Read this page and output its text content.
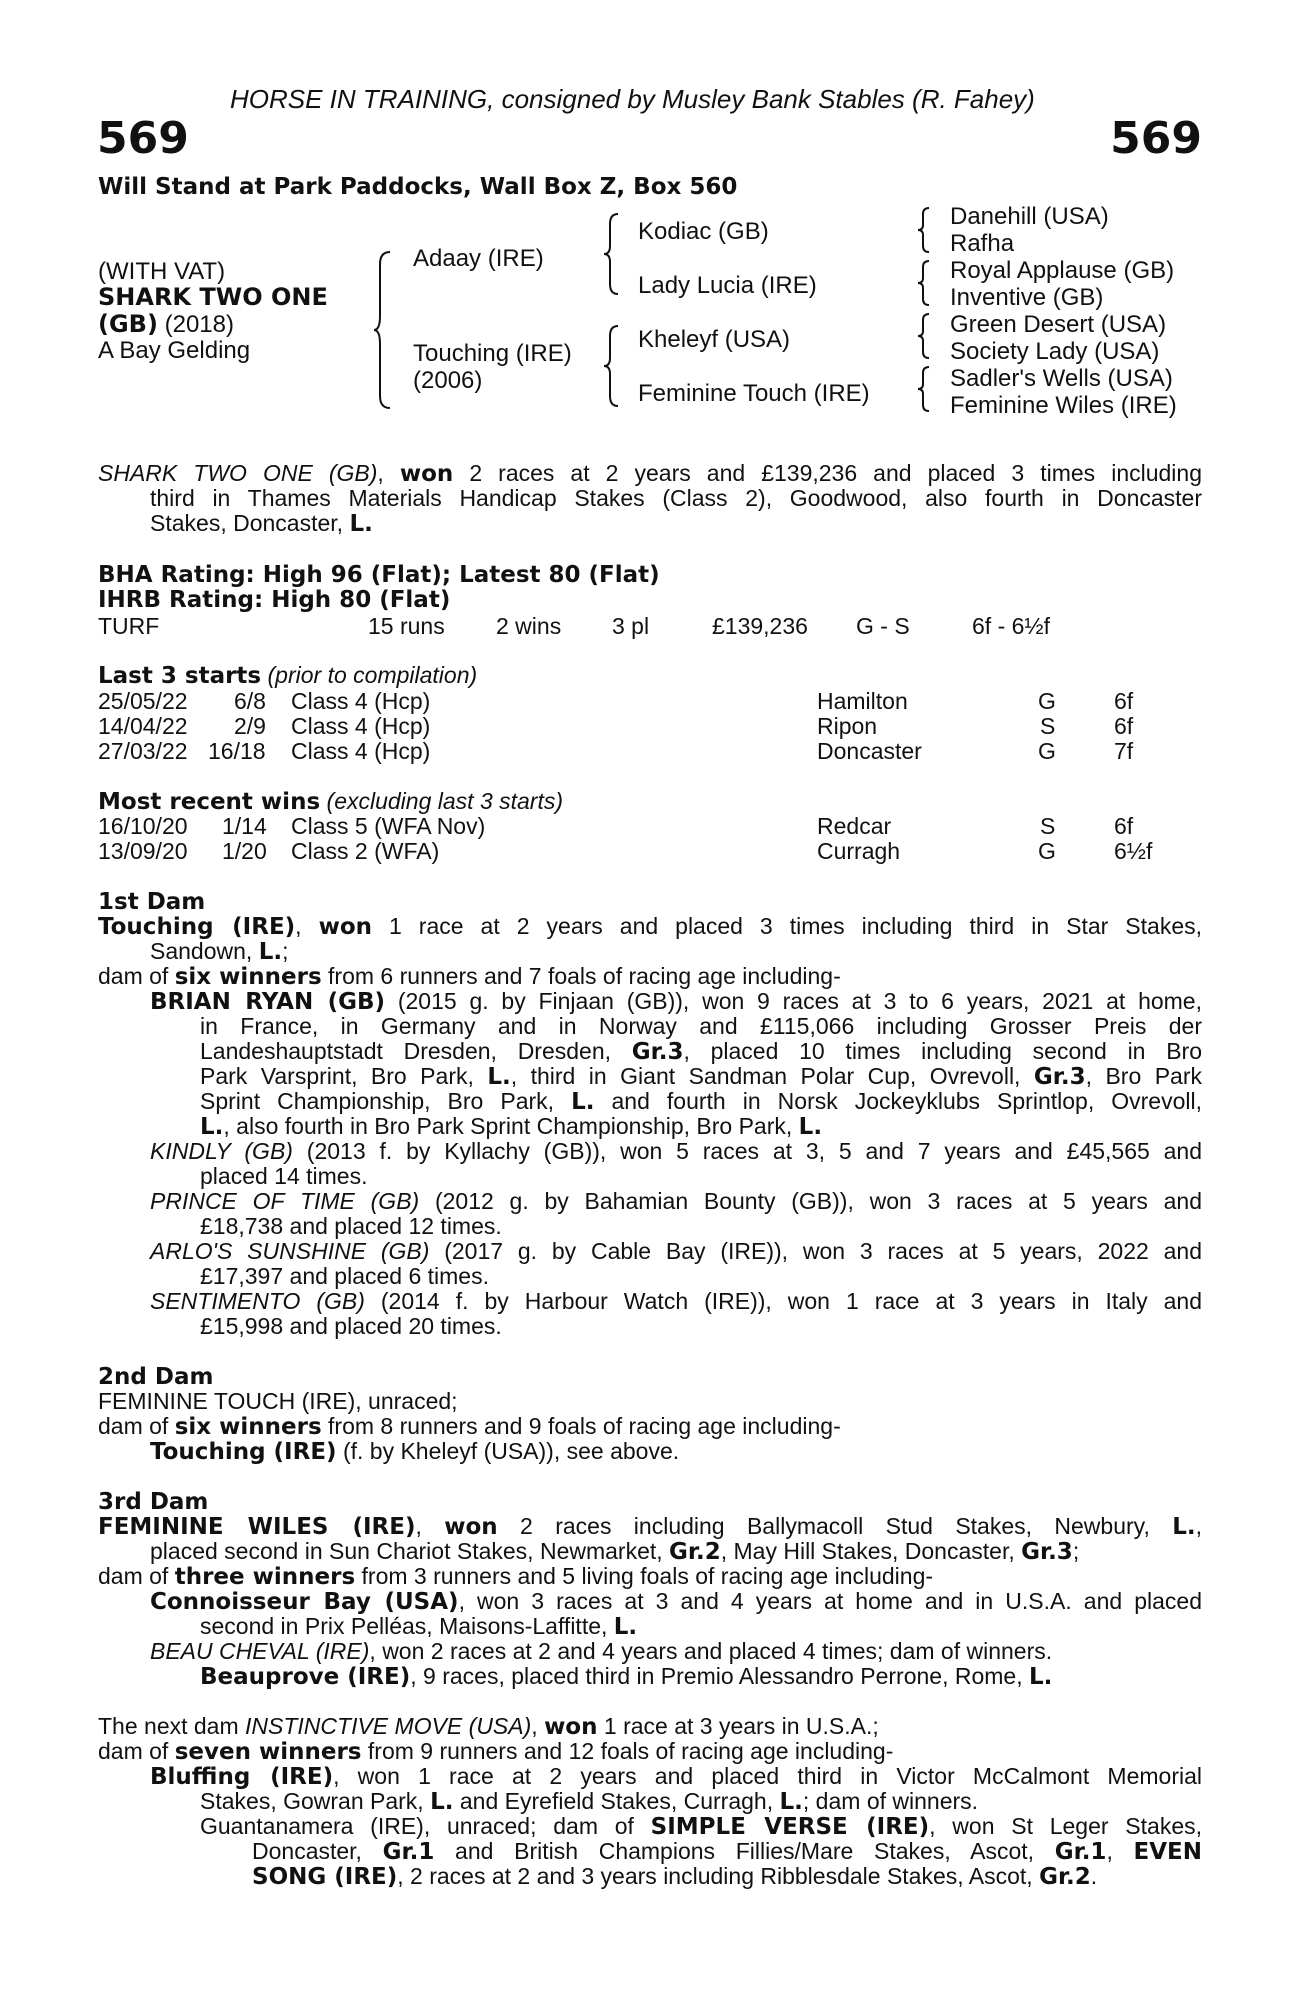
HORSE IN TRAINING, consigned by Musley Bank Stables (R. Fahey)
569	569
Will Stand at Park Paddocks, Wall Box Z, Box 560
(WITH VAT)
SHARK TWO ONE
(GB) (2018)
A Bay Gelding
Adaay (IRE)
Touching (IRE)
(2006)
Kodiac (GB)
Lady Lucia (IRE)
Kheleyf (USA)
Feminine Touch (IRE)
Danehill (USA)
Rafha
Royal Applause (GB)
Inventive (GB)
Green Desert (USA)
Society Lady (USA)
Sadler's Wells (USA)
Feminine Wiles (IRE)
SHARK TWO ONE (GB), won 2 races at 2 years and £139,236 and placed 3 times including
third in Thames Materials Handicap Stakes (Class 2), Goodwood, also fourth in Doncaster
Stakes, Doncaster, L.
BHA Rating: High 96 (Flat); Latest 80 (Flat)
IHRB Rating: High 80 (Flat)
TURF	15 runs 2 wins 3 pl	£139,236 G - S	6f - 6½f
Last 3 starts (prior to compilation)
25/05/22 6/8 Class 4 (Hcp)	Hamilton	G	6f
14/04/22 2/9 Class 4 (Hcp)	Ripon	S	6f
27/03/22 16/18 Class 4 (Hcp)	Doncaster	G	7f
Most recent wins (excluding last 3 starts)
16/10/20 1/14 Class 5 (WFA Nov)	Redcar	S	6f
13/09/20 1/20 Class 2 (WFA)	Curragh	G	6½f
1st Dam
Touching (IRE), won 1 race at 2 years and placed 3 times including third in Star Stakes,
Sandown, L.;
dam of six winners from 6 runners and 7 foals of racing age including-
BRIAN RYAN (GB) (2015 g. by Finjaan (GB)), won 9 races at 3 to 6 years, 2021 at home,
in France, in Germany and in Norway and £115,066 including Grosser Preis der
Landeshauptstadt Dresden, Dresden, Gr.3, placed 10 times including second in Bro
Park Varsprint, Bro Park, L., third in Giant Sandman Polar Cup, Ovrevoll, Gr.3, Bro Park
Sprint Championship, Bro Park, L. and fourth in Norsk Jockeyklubs Sprintlop, Ovrevoll,
L., also fourth in Bro Park Sprint Championship, Bro Park, L.
KINDLY (GB) (2013 f. by Kyllachy (GB)), won 5 races at 3, 5 and 7 years and £45,565 and
placed 14 times.
PRINCE OF TIME (GB) (2012 g. by Bahamian Bounty (GB)), won 3 races at 5 years and
£18,738 and placed 12 times.
ARLO'S SUNSHINE (GB) (2017 g. by Cable Bay (IRE)), won 3 races at 5 years, 2022 and
£17,397 and placed 6 times.
SENTIMENTO (GB) (2014 f. by Harbour Watch (IRE)), won 1 race at 3 years in Italy and
£15,998 and placed 20 times.
2nd Dam
FEMININE TOUCH (IRE), unraced;
dam of six winners from 8 runners and 9 foals of racing age including-
Touching (IRE) (f. by Kheleyf (USA)), see above.
3rd Dam
FEMININE WILES (IRE), won 2 races including Ballymacoll Stud Stakes, Newbury, L.,
placed second in Sun Chariot Stakes, Newmarket, Gr.2, May Hill Stakes, Doncaster, Gr.3;
dam of three winners from 3 runners and 5 living foals of racing age including-
Connoisseur Bay (USA), won 3 races at 3 and 4 years at home and in U.S.A. and placed
second in Prix Pelléas, Maisons-Laffitte, L.
BEAU CHEVAL (IRE), won 2 races at 2 and 4 years and placed 4 times; dam of winners.
Beauprove (IRE), 9 races, placed third in Premio Alessandro Perrone, Rome, L.
The next dam INSTINCTIVE MOVE (USA), won 1 race at 3 years in U.S.A.;
dam of seven winners from 9 runners and 12 foals of racing age including-
Bluffing (IRE), won 1 race at 2 years and placed third in Victor McCalmont Memorial
Stakes, Gowran Park, L. and Eyrefield Stakes, Curragh, L.; dam of winners.
Guantanamera (IRE), unraced; dam of SIMPLE VERSE (IRE), won St Leger Stakes,
Doncaster, Gr.1 and British Champions Fillies/Mare Stakes, Ascot, Gr.1, EVEN
SONG (IRE), 2 races at 2 and 3 years including Ribblesdale Stakes, Ascot, Gr.2.
